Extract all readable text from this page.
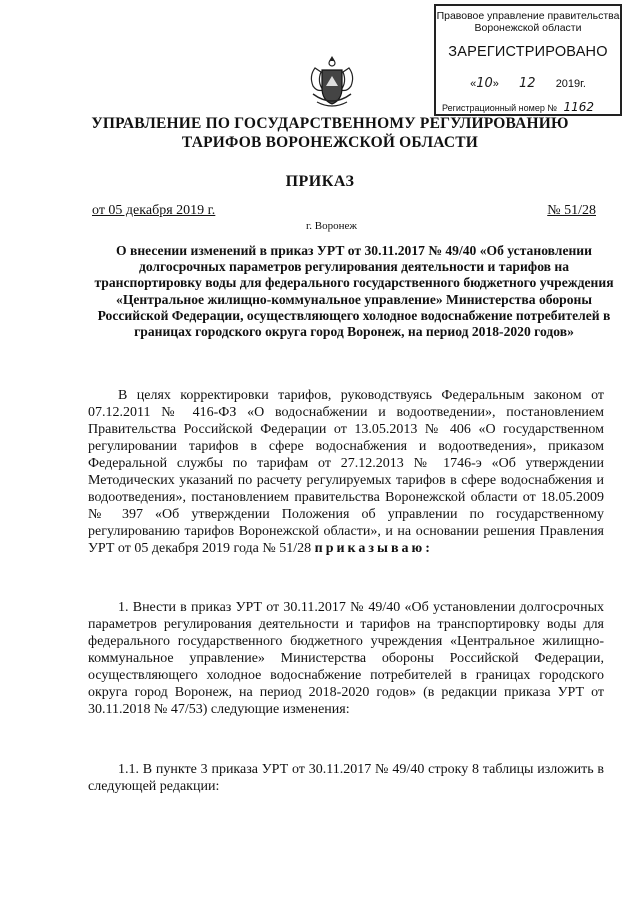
Правовое управление правительства
Воронежской области
ЗАРЕГИСТРИРОВАНО
«10» 12 2019г.
Регистрационный номер № 1162
УПРАВЛЕНИЕ ПО ГОСУДАРСТВЕННОМУ РЕГУЛИРОВАНИЮ ТАРИФОВ ВОРОНЕЖСКОЙ ОБЛАСТИ
ПРИКАЗ
от 05 декабря 2019 г.	№ 51/28
г. Воронеж
О внесении изменений в приказ УРТ от 30.11.2017 № 49/40 «Об установлении долгосрочных параметров регулирования деятельности и тарифов на транспортировку воды для федерального государственного бюджетного учреждения «Центральное жилищно-коммунальное управление» Министерства обороны Российской Федерации, осуществляющего холодное водоснабжение потребителей в границах городского округа город Воронеж, на период 2018-2020 годов»
В целях корректировки тарифов, руководствуясь Федеральным законом от 07.12.2011 № 416-ФЗ «О водоснабжении и водоотведении», постановлением Правительства Российской Федерации от 13.05.2013 № 406 «О государственном регулировании тарифов в сфере водоснабжения и водоотведения», приказом Федеральной службы по тарифам от 27.12.2013 № 1746-э «Об утверждении Методических указаний по расчету регулируемых тарифов в сфере водоснабжения и водоотведения», постановлением правительства Воронежской области от 18.05.2009 № 397 «Об утверждении Положения об управлении по государственному регулированию тарифов Воронежской области», и на основании решения Правления УРТ от 05 декабря 2019 года № 51/28 приказываю:
1. Внести в приказ УРТ от 30.11.2017 № 49/40 «Об установлении долгосрочных параметров регулирования деятельности и тарифов на транспортировку воды для федерального государственного бюджетного учреждения «Центральное жилищно-коммунальное управление» Министерства обороны Российской Федерации, осуществляющего холодное водоснабжение потребителей в границах городского округа город Воронеж, на период 2018-2020 годов» (в редакции приказа УРТ от 30.11.2018 № 47/53) следующие изменения:
1.1. В пункте 3 приказа УРТ от 30.11.2017 № 49/40 строку 8 таблицы изложить в следующей редакции:
